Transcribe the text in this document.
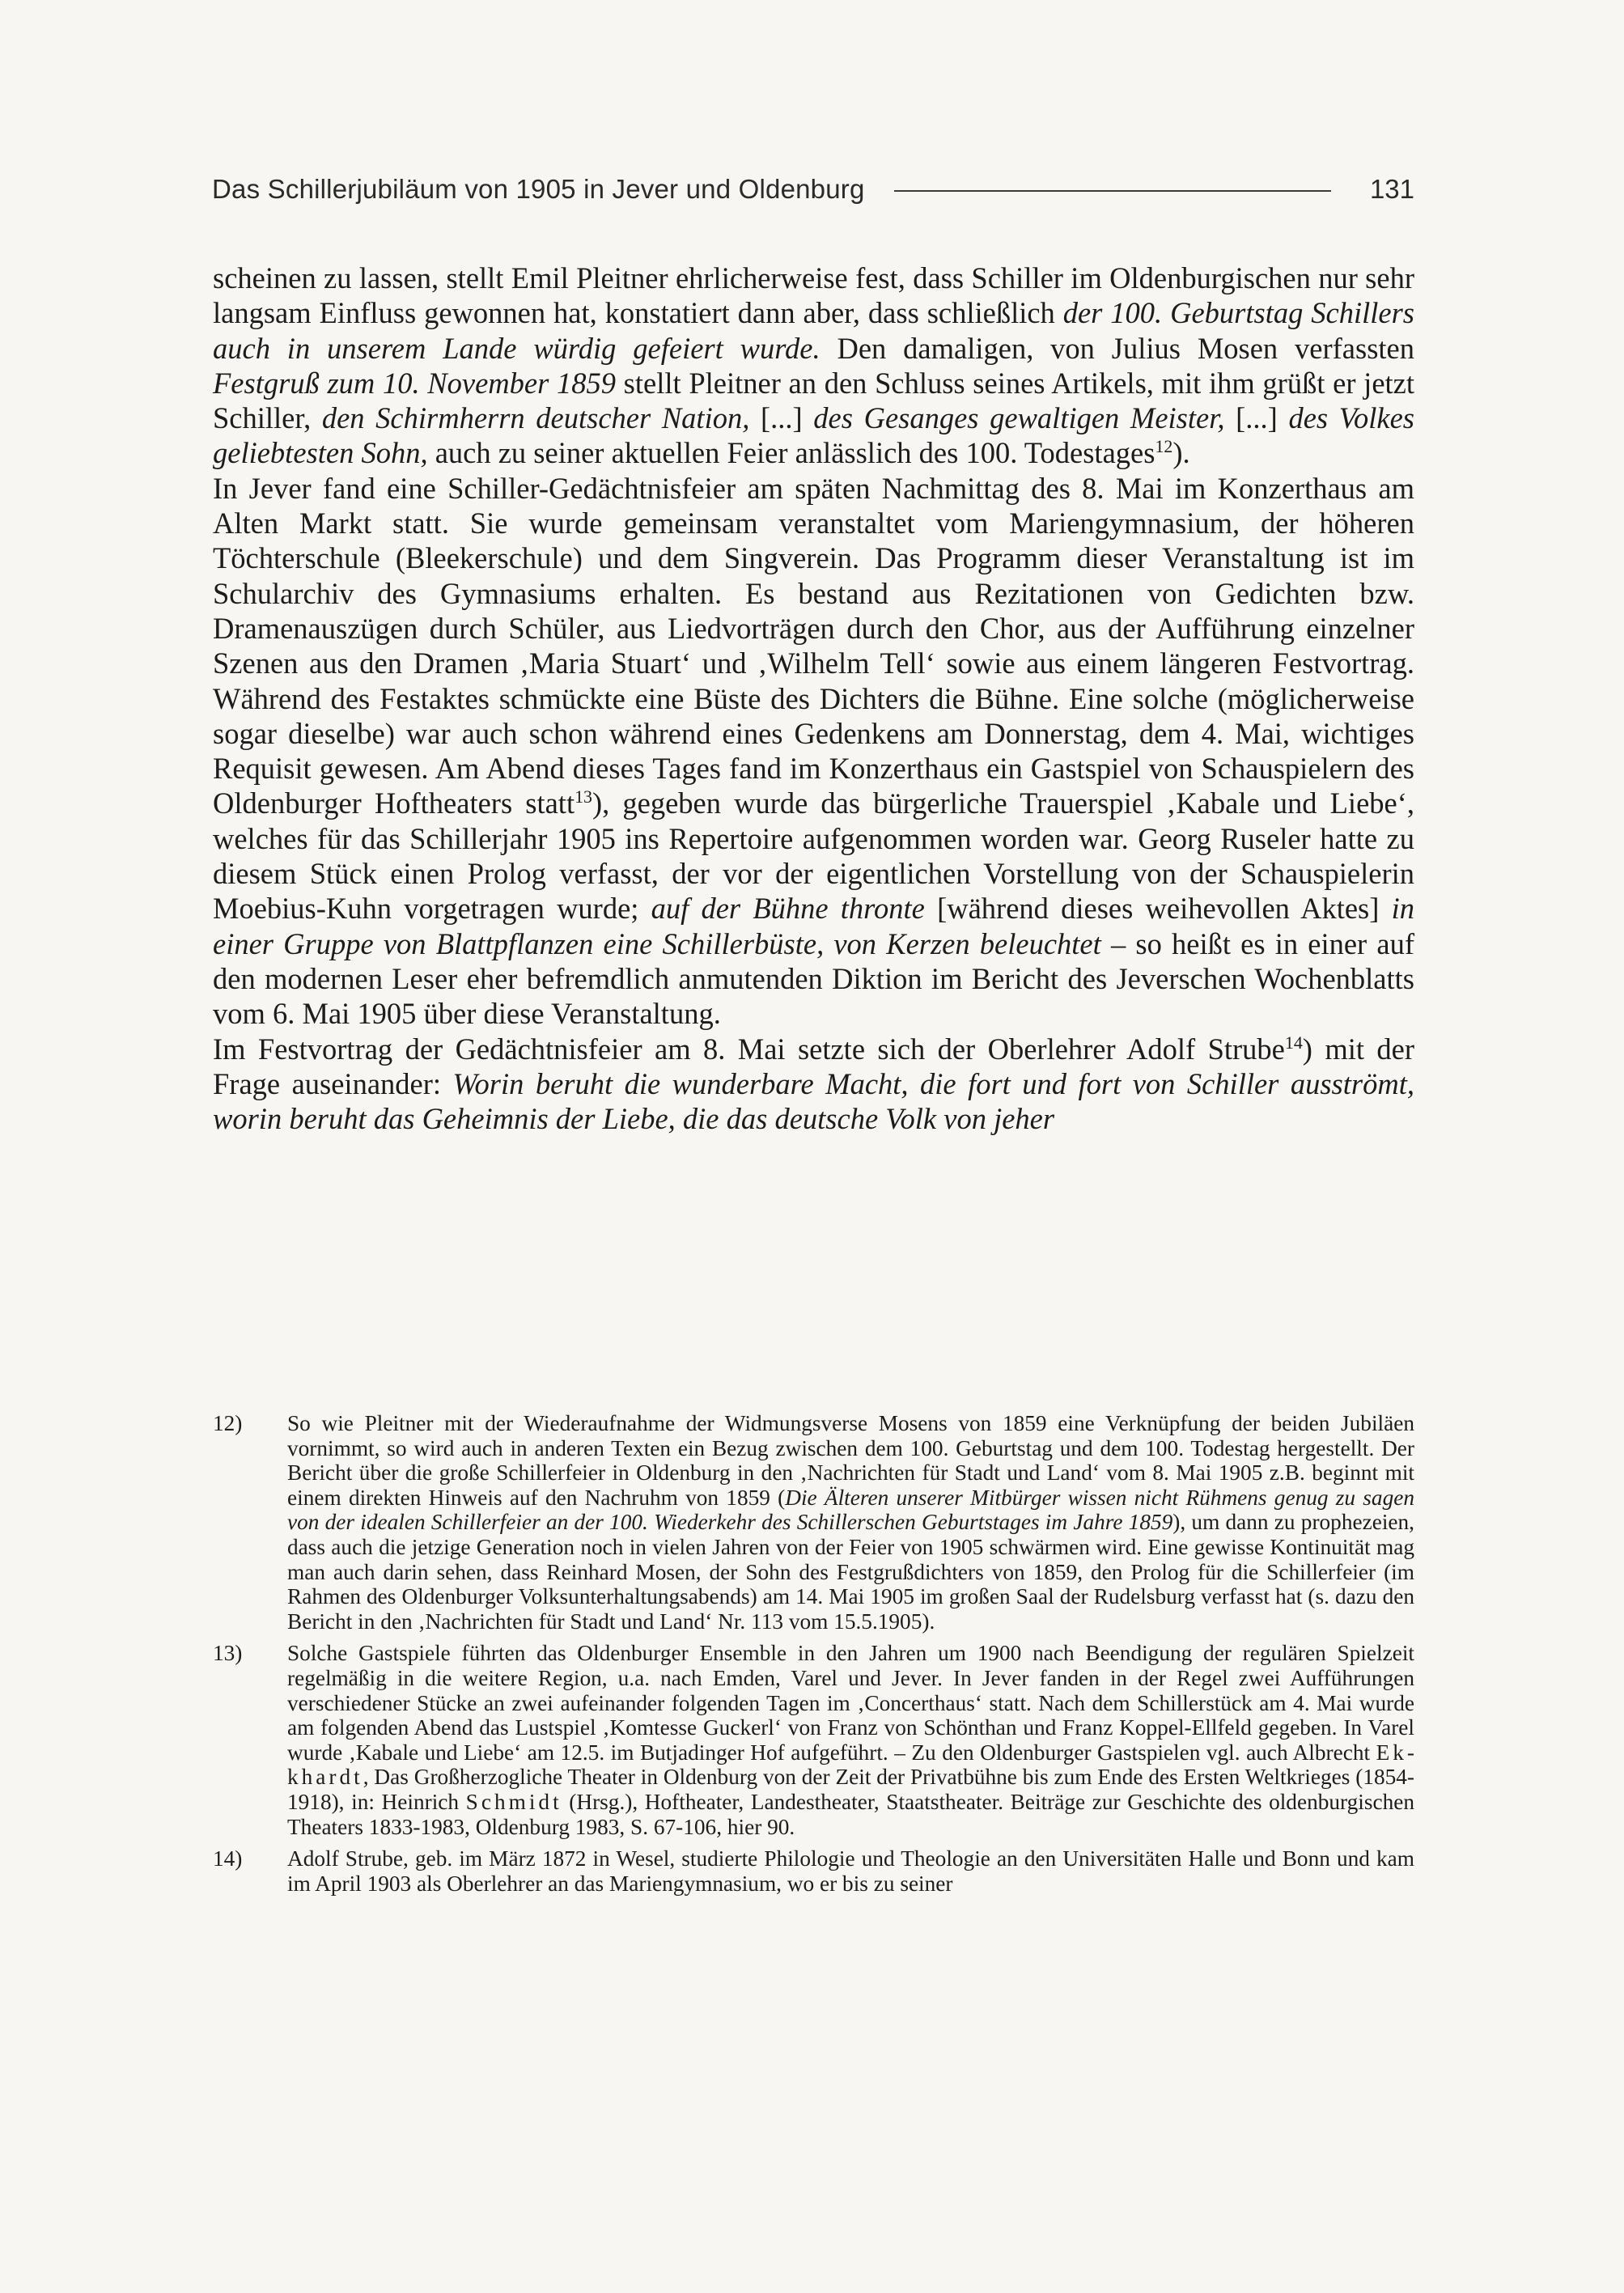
Das Schillerjubiläum von 1905 in Jever und Oldenburg	131

scheinen zu lassen, stellt Emil Pleitner ehrlicherweise fest, dass Schiller im Oldenburgischen nur sehr langsam Einfluss gewonnen hat, konstatiert dann aber, dass schließlich der 100. Geburtstag Schillers auch in unserem Lande würdig gefeiert wurde. Den damaligen, von Julius Mosen verfassten Festgruß zum 10. November 1859 stellt Pleitner an den Schluss seines Artikels, mit ihm grüßt er jetzt Schiller, den Schirmherrn deutscher Nation, [...] des Gesanges gewaltigen Meister, [...] des Volkes geliebtesten Sohn, auch zu seiner aktuellen Feier anlässlich des 100. Todestages$^{12}$).

In Jever fand eine Schiller-Gedächtnisfeier am späten Nachmittag des 8. Mai im Konzerthaus am Alten Markt statt. Sie wurde gemeinsam veranstaltet vom Mariengymnasium, der höheren Töchterschule (Bleekerschule) und dem Singverein. Das Programm dieser Veranstaltung ist im Schularchiv des Gymnasiums erhalten. Es bestand aus Rezitationen von Gedichten bzw. Dramenauszügen durch Schüler, aus Liedvorträgen durch den Chor, aus der Aufführung einzelner Szenen aus den Dramen ‚Maria Stuart‘ und ‚Wilhelm Tell‘ sowie aus einem längeren Festvortrag. Während des Festaktes schmückte eine Büste des Dichters die Bühne. Eine solche (möglicherweise sogar dieselbe) war auch schon während eines Gedenkens am Donnerstag, dem 4. Mai, wichtiges Requisit gewesen. Am Abend dieses Tages fand im Konzerthaus ein Gastspiel von Schauspielern des Oldenburger Hoftheaters statt$^{13}$), gegeben wurde das bürgerliche Trauerspiel ‚Kabale und Liebe‘, welches für das Schillerjahr 1905 ins Repertoire aufgenommen worden war. Georg Ruseler hatte zu diesem Stück einen Prolog verfasst, der vor der eigentlichen Vorstellung von der Schauspielerin Moebius-Kuhn vorgetragen wurde; auf der Bühne thronte [während dieses weihevollen Aktes] in einer Gruppe von Blattpflanzen eine Schillerbüste, von Kerzen beleuchtet – so heißt es in einer auf den modernen Leser eher befremdlich anmutenden Diktion im Bericht des Jeverschen Wochenblatts vom 6. Mai 1905 über diese Veranstaltung.

Im Festvortrag der Gedächtnisfeier am 8. Mai setzte sich der Oberlehrer Adolf Strube$^{14}$) mit der Frage auseinander: Worin beruht die wunderbare Macht, die fort und fort von Schiller ausströmt, worin beruht das Geheimnis der Liebe, die das deutsche Volk von jeher

12)	So wie Pleitner mit der Wiederaufnahme der Widmungsverse Mosens von 1859 eine Verknüpfung der beiden Jubiläen vornimmt, so wird auch in anderen Texten ein Bezug zwischen dem 100. Geburtstag und dem 100. Todestag hergestellt. Der Bericht über die große Schillerfeier in Oldenburg in den ‚Nachrichten für Stadt und Land‘ vom 8. Mai 1905 z.B. beginnt mit einem direkten Hinweis auf den Nachruhm von 1859 (Die Älteren unserer Mitbürger wissen nicht Rühmens genug zu sagen von der idealen Schillerfeier an der 100. Wiederkehr des Schillerschen Geburtstages im Jahre 1859), um dann zu prophezeien, dass auch die jetzige Generation noch in vielen Jahren von der Feier von 1905 schwärmen wird. Eine gewisse Kontinuität mag man auch darin sehen, dass Reinhard Mosen, der Sohn des Festgrußdichters von 1859, den Prolog für die Schillerfeier (im Rahmen des Oldenburger Volksunterhaltungsabends) am 14. Mai 1905 im großen Saal der Rudelsburg verfasst hat (s. dazu den Bericht in den ‚Nachrichten für Stadt und Land‘ Nr. 113 vom 15.5.1905).
13)	Solche Gastspiele führten das Oldenburger Ensemble in den Jahren um 1900 nach Beendigung der regulären Spielzeit regelmäßig in die weitere Region, u.a. nach Emden, Varel und Jever. In Jever fanden in der Regel zwei Aufführungen verschiedener Stücke an zwei aufeinander folgenden Tagen im ‚Concerthaus‘ statt. Nach dem Schillerstück am 4. Mai wurde am folgenden Abend das Lustspiel ‚Komtesse Guckerl‘ von Franz von Schönthan und Franz Koppel-Ellfeld gegeben. In Varel wurde ‚Kabale und Liebe‘ am 12.5. im Butjadinger Hof aufgeführt. – Zu den Oldenburger Gastspielen vgl. auch Albrecht Ekkhardt, Das Großherzogliche Theater in Oldenburg von der Zeit der Privatbühne bis zum Ende des Ersten Weltkrieges (1854-1918), in: Heinrich Schmidt (Hrsg.), Hoftheater, Landestheater, Staatstheater. Beiträge zur Geschichte des oldenburgischen Theaters 1833-1983, Oldenburg 1983, S. 67-106, hier 90.
14)	Adolf Strube, geb. im März 1872 in Wesel, studierte Philologie und Theologie an den Universitäten Halle und Bonn und kam im April 1903 als Oberlehrer an das Mariengymnasium, wo er bis zu seiner
